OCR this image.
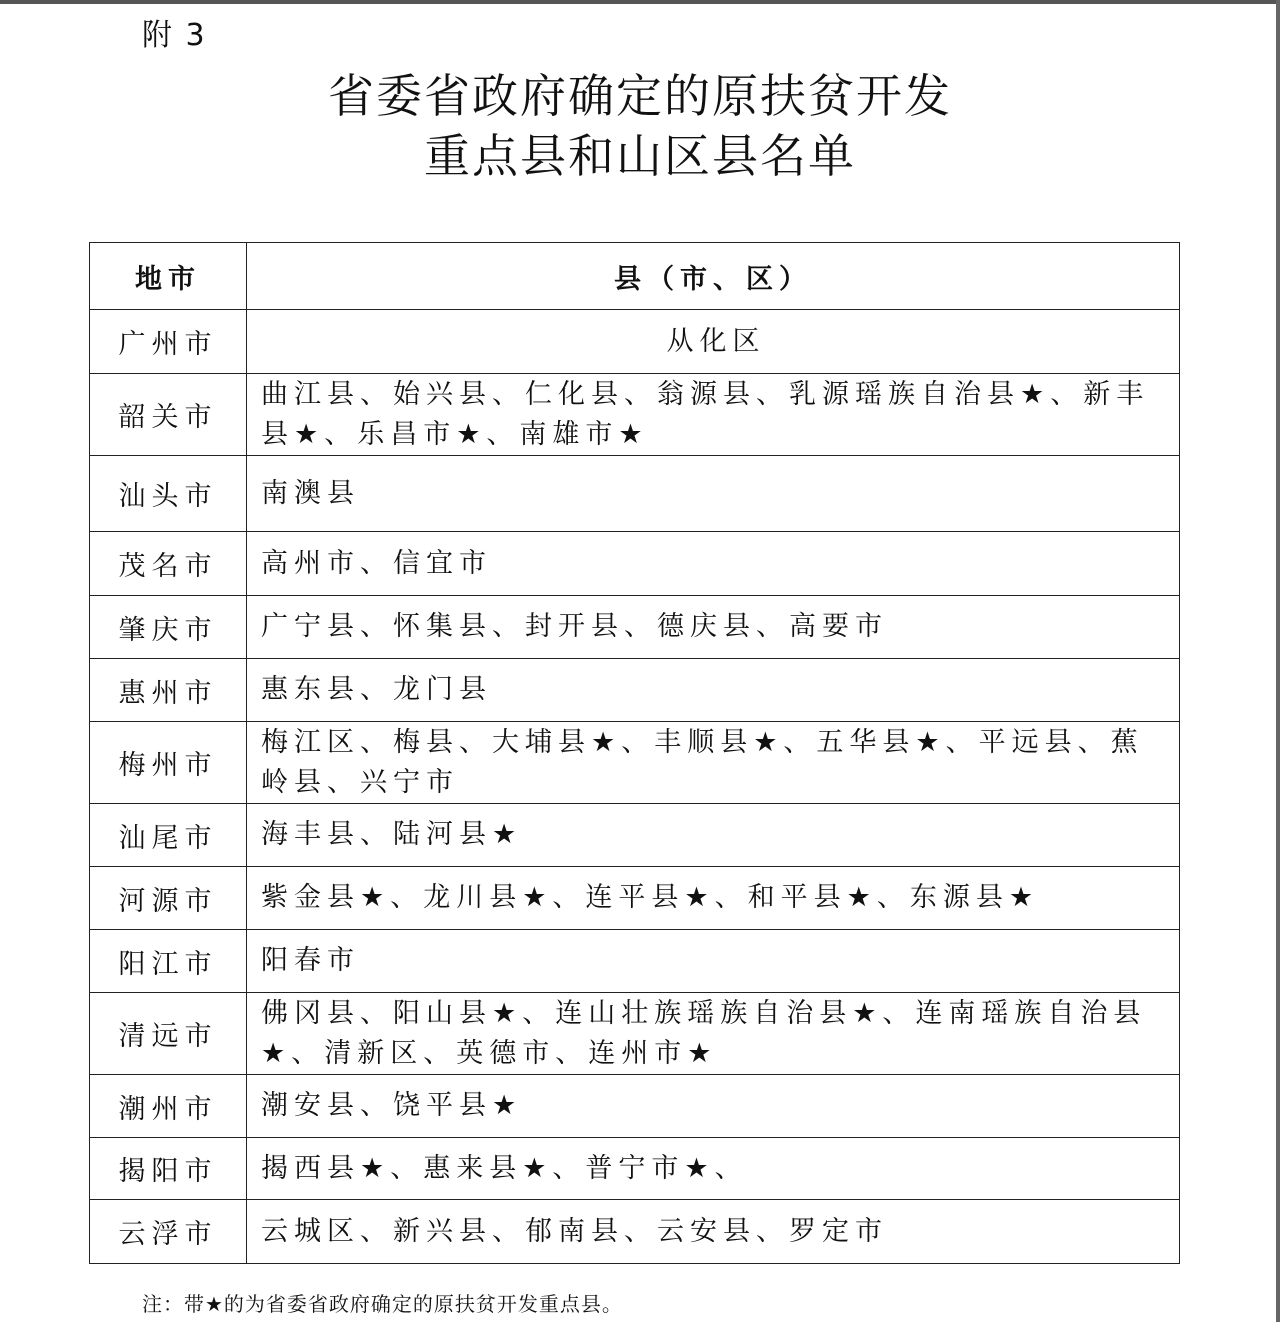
附 3
省委省政府确定的原扶贫开发
重点县和山区县名单
地市	县（市、区）
广州市	从化区
韶关市	曲江县、始兴县、仁化县、翁源县、乳源瑶族自治县★、新丰县★、乐昌市★、南雄市★
汕头市	南澳县
茂名市	高州市、信宜市
肇庆市	广宁县、怀集县、封开县、德庆县、高要市
惠州市	惠东县、龙门县
梅州市	梅江区、梅县、大埔县★、丰顺县★、五华县★、平远县、蕉岭县、兴宁市
汕尾市	海丰县、陆河县★
河源市	紫金县★、龙川县★、连平县★、和平县★、东源县★
阳江市	阳春市
清远市	佛冈县、阳山县★、连山壮族瑶族自治县★、连南瑶族自治县★、清新区、英德市、连州市★
潮州市	潮安县、饶平县★
揭阳市	揭西县★、惠来县★、普宁市★、
云浮市	云城区、新兴县、郁南县、云安县、罗定市
注：带★的为省委省政府确定的原扶贫开发重点县。
